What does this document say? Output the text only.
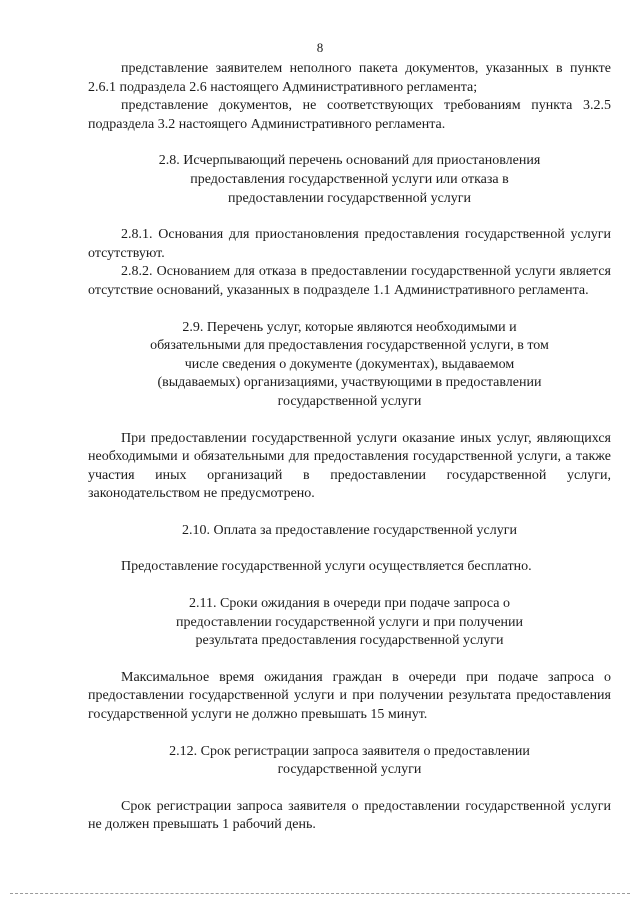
8

представление заявителем неполного пакета документов, указанных в пункте 2.6.1 подраздела 2.6 настоящего Административного регламента;

представление документов, не соответствующих требованиям пункта 3.2.5 подраздела 3.2 настоящего Административного регламента.

2.8. Исчерпывающий перечень оснований для приостановления предоставления государственной услуги или отказа в предоставлении государственной услуги

2.8.1. Основания для приостановления предоставления государственной услуги отсутствуют.

2.8.2. Основанием для отказа в предоставлении государственной услуги является отсутствие оснований, указанных в подразделе 1.1 Административного регламента.

2.9. Перечень услуг, которые являются необходимыми и обязательными для предоставления государственной услуги, в том числе сведения о документе (документах), выдаваемом (выдаваемых) организациями, участвующими в предоставлении государственной услуги

При предоставлении государственной услуги оказание иных услуг, являющихся необходимыми и обязательными для предоставления государственной услуги, а также участия иных организаций в предоставлении государственной услуги, законодательством не предусмотрено.

2.10. Оплата за предоставление государственной услуги

Предоставление государственной услуги осуществляется бесплатно.

2.11. Сроки ожидания в очереди при подаче запроса о предоставлении государственной услуги и при получении результата предоставления государственной услуги

Максимальное время ожидания граждан в очереди при подаче запроса о предоставлении государственной услуги и при получении результата предоставления государственной услуги не должно превышать 15 минут.

2.12. Срок регистрации запроса заявителя о предоставлении государственной услуги

Срок регистрации запроса заявителя о предоставлении государственной услуги не должен превышать 1 рабочий день.
